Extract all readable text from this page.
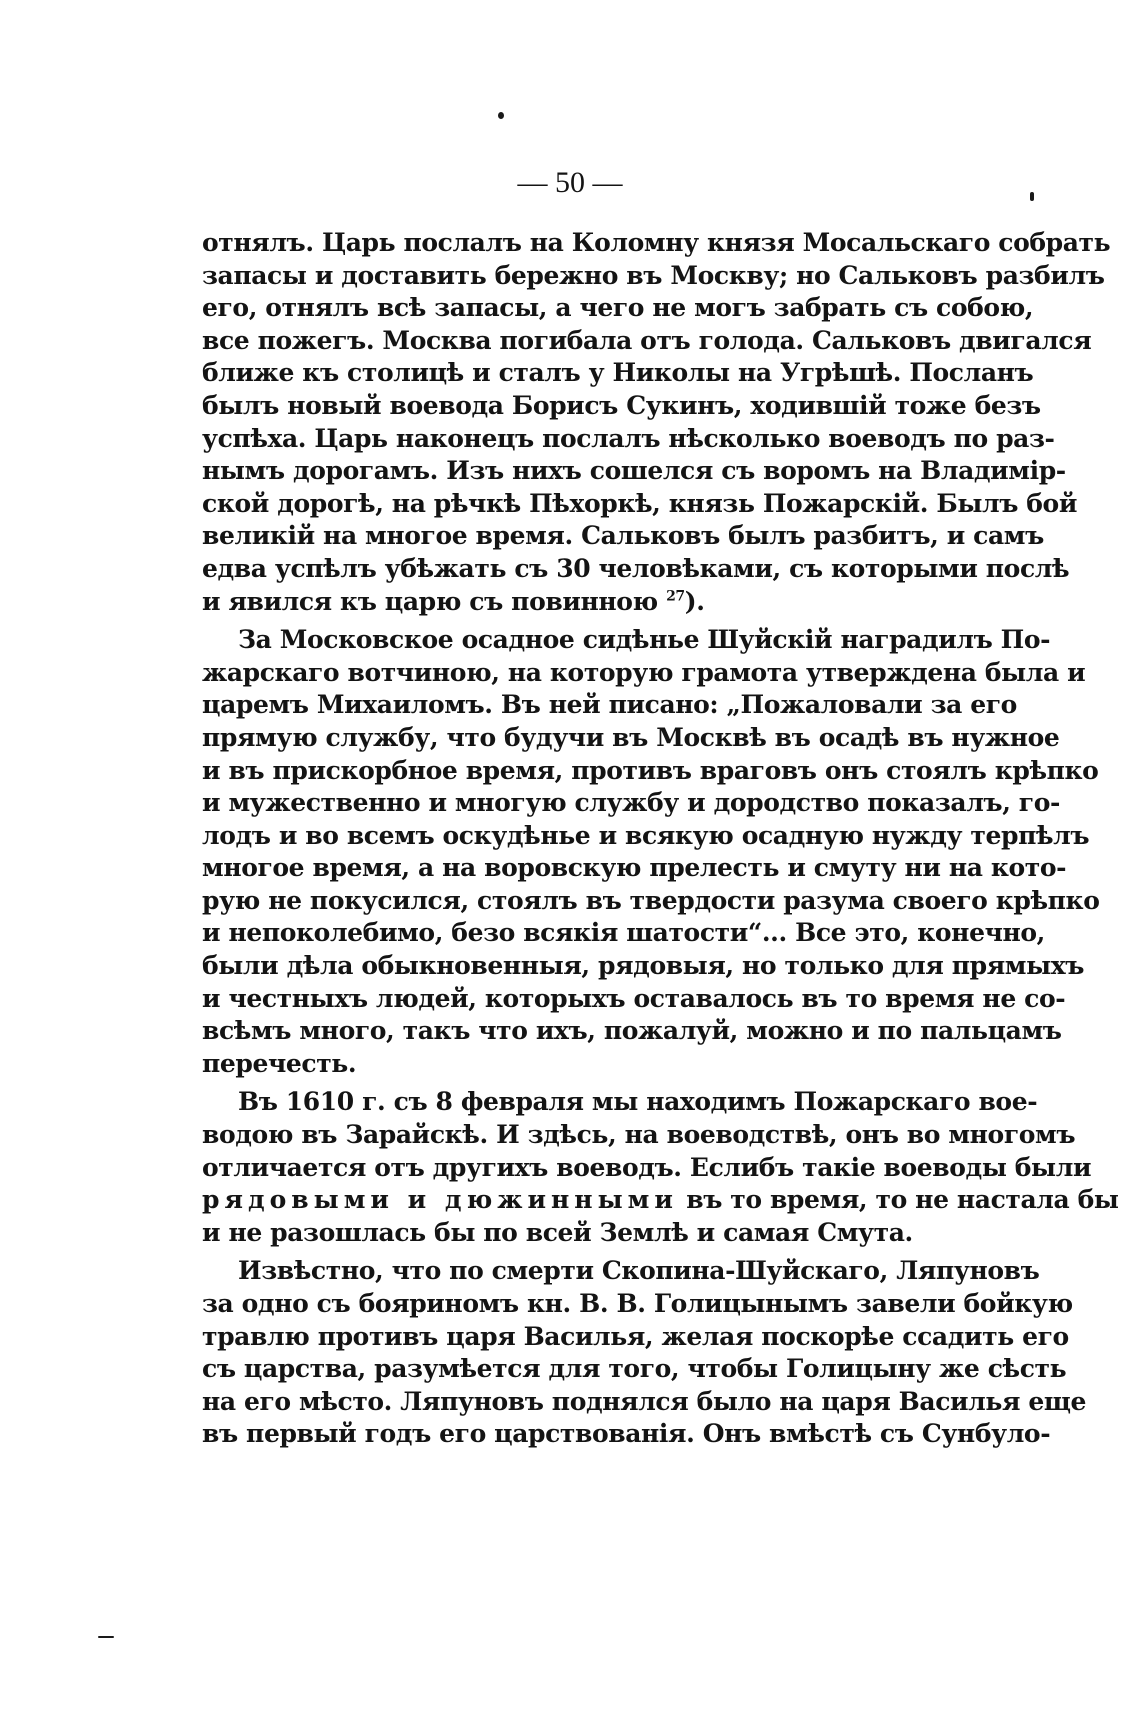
— 50 —
отнялъ. Царь послалъ на Коломну князя Мосальскаго собрать
запасы и доставить бережно въ Москву; но Сальковъ разбилъ
его, отнялъ всѣ запасы, а чего не могъ забрать съ собою,
все пожегъ. Москва погибала отъ голода. Сальковъ двигался
ближе къ столицѣ и сталъ у Николы на Угрѣшѣ. Посланъ
былъ новый воевода Борисъ Сукинъ, ходившій тоже безъ
успѣха. Царь наконецъ послалъ нѣсколько воеводъ по раз-
нымъ дорогамъ. Изъ нихъ сошелся съ воромъ на Владимір-
ской дорогѣ, на рѣчкѣ Пѣхоркѣ, князь Пожарскій. Былъ бой
великій на многое время. Сальковъ былъ разбитъ, и самъ
едва успѣлъ убѣжать съ 30 человѣками, съ которыми послѣ
и явился къ царю съ повинною $^{27}$).
За Московское осадное сидѣнье Шуйскій наградилъ По-
жарскаго вотчиною, на которую грамота утверждена была и
царемъ Михаиломъ. Въ ней писано: „Пожаловали за его
прямую службу, что будучи въ Москвѣ въ осадѣ въ нужное
и въ прискорбное время, противъ враговъ онъ стоялъ крѣпко
и мужественно и многую службу и дородство показалъ, го-
лодъ и во всемъ оскудѣнье и всякую осадную нужду терпѣлъ
многое время, а на воровскую прелесть и смуту ни на кото-
рую не покусился, стоялъ въ твердости разума своего крѣпко
и непоколебимо, безо всякія шатости“... Все это, конечно,
были дѣла обыкновенныя, рядовыя, но только для прямыхъ
и честныхъ людей, которыхъ оставалось въ то время не со-
всѣмъ много, такъ что ихъ, пожалуй, можно и по пальцамъ
перечесть.
Въ 1610 г. съ 8 февраля мы находимъ Пожарскаго вое-
водою въ Зарайскѣ. И здѣсь, на воеводствѣ, онъ во многомъ
отличается отъ другихъ воеводъ. Еслибъ такіе воеводы были
рядовыми и дюжинными въ то время, то не настала бы
и не разошлась бы по всей Землѣ и самая Смута.
Извѣстно, что по смерти Скопина-Шуйскаго, Ляпуновъ
за одно съ бояриномъ кн. В. В. Голицынымъ завели бойкую
травлю противъ царя Василья, желая поскорѣе ссадить его
съ царства, разумѣется для того, чтобы Голицыну же сѣсть
на его мѣсто. Ляпуновъ поднялся было на царя Василья еще
въ первый годъ его царствованія. Онъ вмѣстѣ съ Сунбуло-
